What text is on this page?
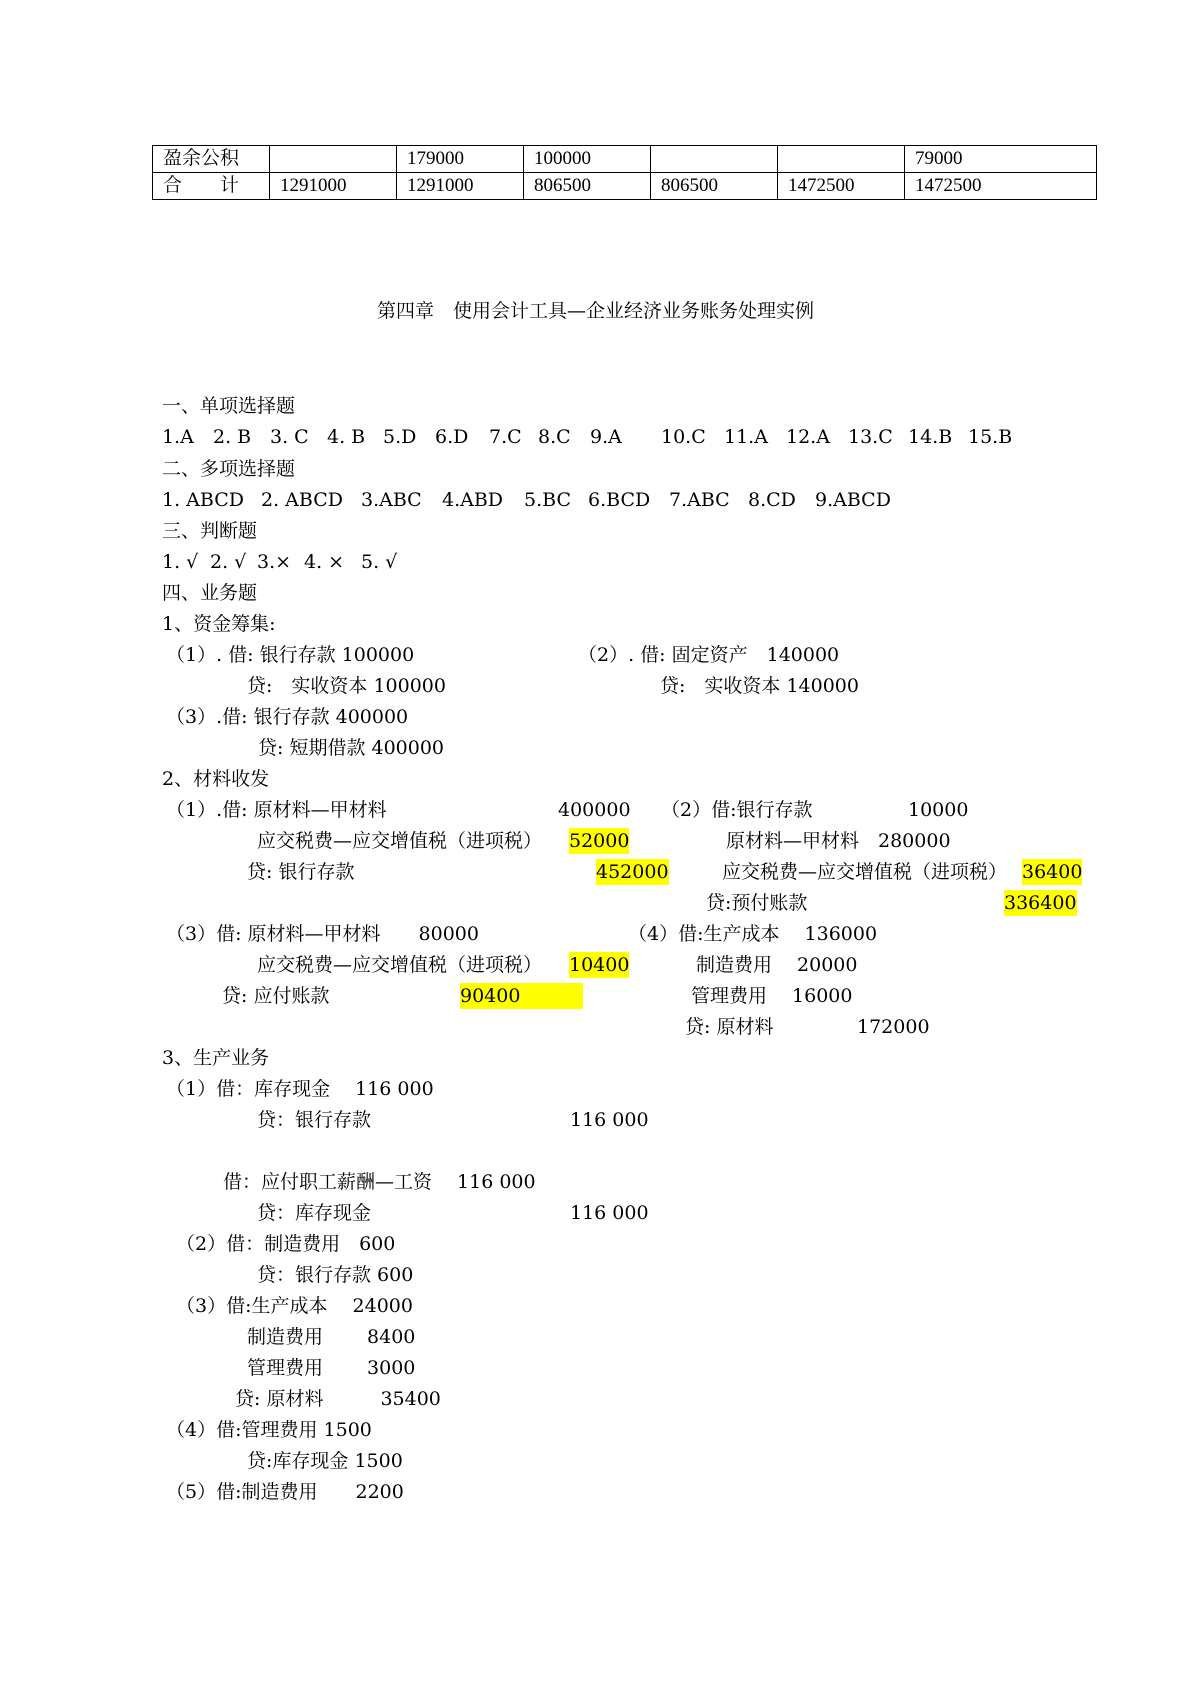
盈余公积		179000	100000			79000
合　　计	1291000	1291000	806500	806500	1472500	1472500
第四章　使用会计工具—企业经济业务账务处理实例
一、单项选择题
1.A 2. B 3. C 4. B 5.D 6.D 7.C 8.C 9.A 10.C 11.A 12.A 13.C 14.B 15.B
二、多项选择题
1. ABCD 2. ABCD 3.ABC 4.ABD 5.BC 6.BCD 7.ABC 8.CD 9.ABCD
三、判断题
1. √ 2. √ 3.× 4. × 5. √
四、业务题
1、资金筹集:
（1）. 借: 银行存款 100000
贷:　实收资本 100000
（2）. 借: 固定资产　140000
贷:　实收资本 140000
（3）.借: 银行存款 400000
贷: 短期借款 400000
2、材料收发
（1）.借: 原材料—甲材料	400000
应交税费—应交增值税（进项税） 52000
贷: 银行存款	452000
（2）借:银行存款	10000
原材料—甲材料　280000
应交税费—应交增值税（进项税） 36400
贷:预付账款	336400
（3）借: 原材料—甲材料　　80000
应交税费—应交增值税（进项税） 10400
贷: 应付账款	90400
（4）借:生产成本　 136000
制造费用　 20000
管理费用　 16000
贷: 原材料	172000
3、生产业务
（1）借：库存现金　 116 000
贷：银行存款	116 000
借：应付职工薪酬—工资　 116 000
贷：库存现金	116 000
（2）借：制造费用　600
贷：银行存款 600
（3）借:生产成本　 24000
制造费用　　 8400
管理费用　　 3000
贷: 原材料　　　35400
（4）借:管理费用 1500
贷:库存现金 1500
（5）借:制造费用　　2200
